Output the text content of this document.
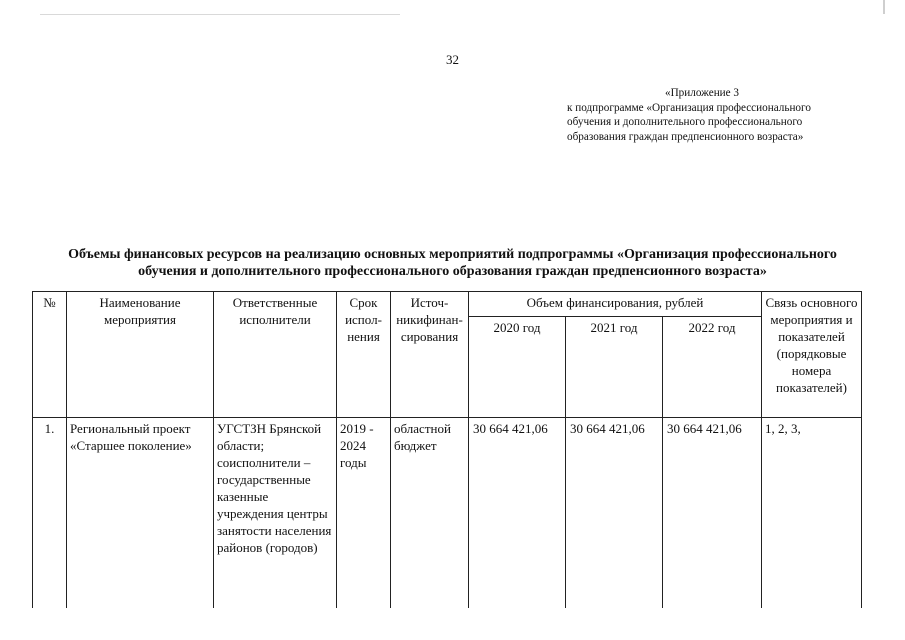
32
«Приложение 3
к подпрограмме «Организация профессионального
обучения и дополнительного профессионального
образования граждан предпенсионного возраста»
Объемы финансовых ресурсов на реализацию основных мероприятий подпрограммы «Организация профессионального
обучения и дополнительного профессионального образования граждан предпенсионного возраста»
№	Наименование мероприятия	Ответственные исполнители	Срок испол-нения	Источ-никифинан-сирования	Объем финансирования, рублей			Связь основного мероприятия и показателей (порядковые номера показателей)
					2020 год	2021 год	2022 год	
1.	Региональный проект «Старшее поколение»	УГСТЗН Брянской области; соисполнители – государственные казенные учреждения центры занятости населения районов (городов)	2019 - 2024 годы	областной бюджет	30 664 421,06	30 664 421,06	30 664 421,06	1, 2, 3,
